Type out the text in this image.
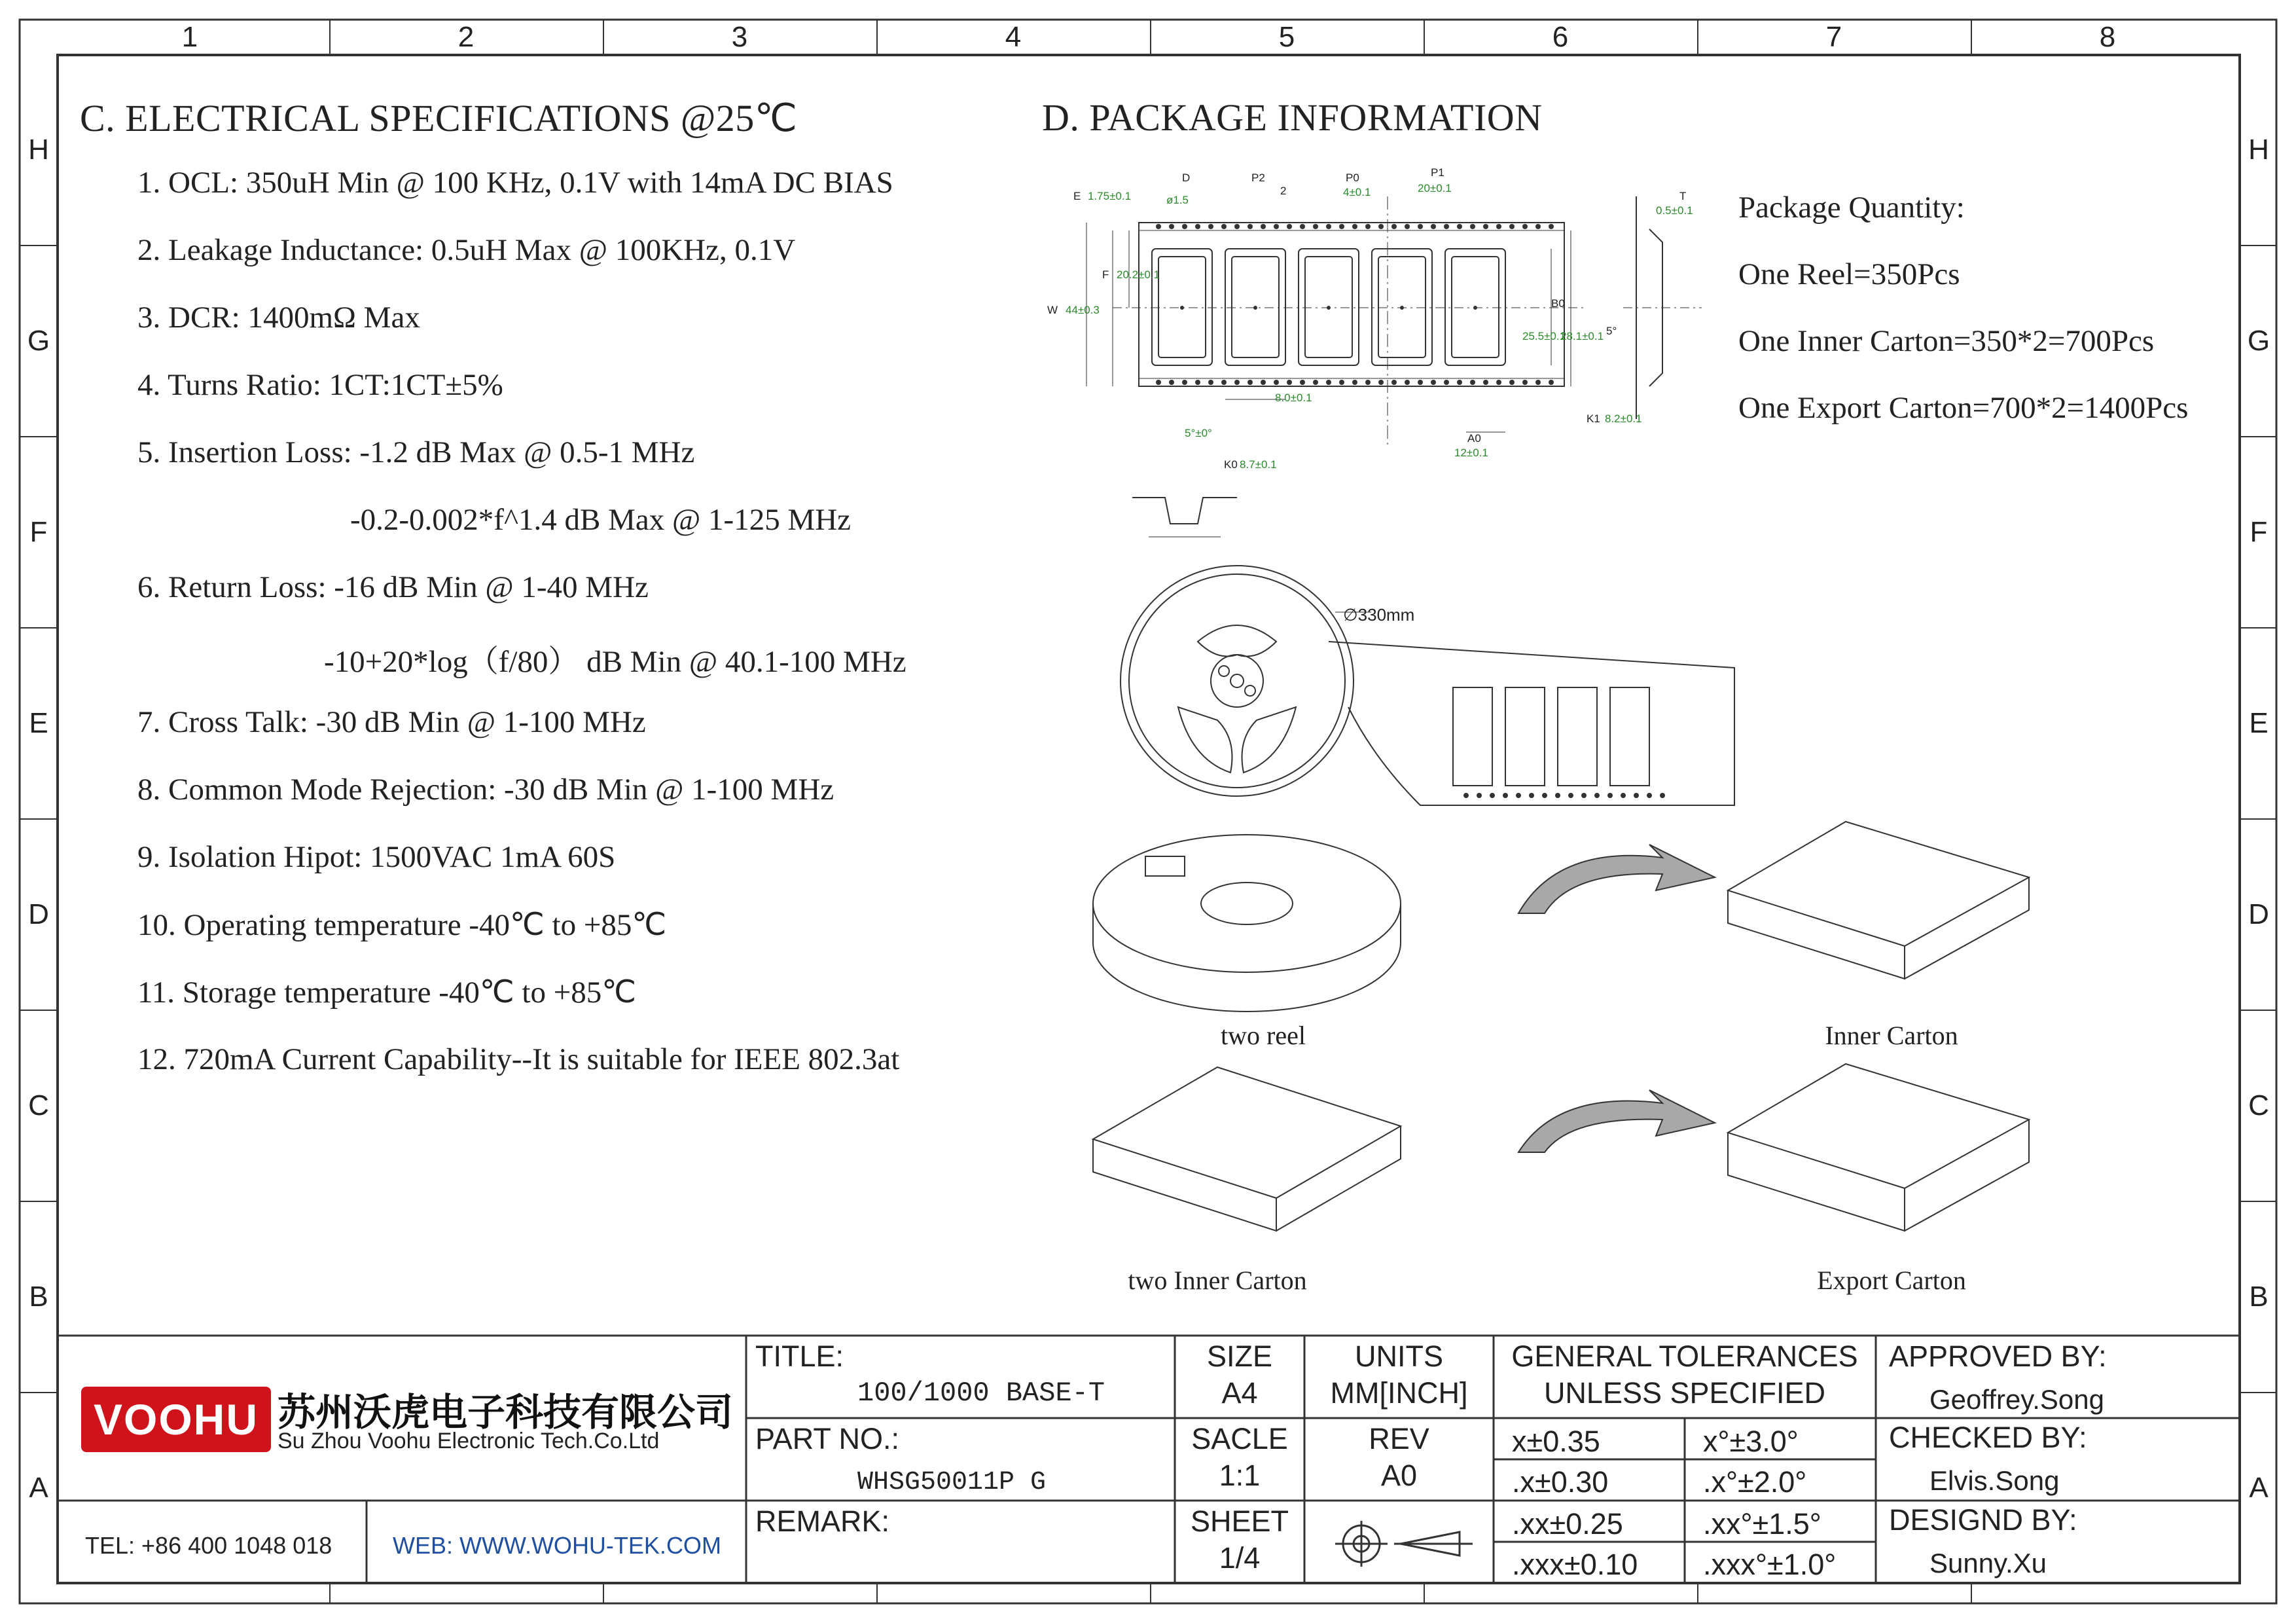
1	2	3	4	5	6	7	8
H
G
F
E
D
C
B
A
H
G
F
E
D
C
B
A
C. ELECTRICAL SPECIFICATIONS @25℃
1. OCL: 350uH Min @ 100 KHz, 0.1V with 14mA DC BIAS
2. Leakage Inductance: 0.5uH Max @ 100KHz, 0.1V
3. DCR: 1400mΩ Max
4. Turns Ratio: 1CT:1CT±5%
5. Insertion Loss: -1.2 dB Max @ 0.5-1 MHz
-0.2-0.002*f^1.4 dB Max @ 1-125 MHz
6. Return Loss: -16 dB Min @ 1-40 MHz
-10+20*log（f/80） dB Min @ 40.1-100 MHz
7. Cross Talk: -30 dB Min @ 1-100 MHz
8. Common Mode Rejection: -30 dB Min @ 1-100 MHz
9. Isolation Hipot: 1500VAC 1mA 60S
10. Operating temperature -40℃ to +85℃
11. Storage temperature -40℃ to +85℃
12. 720mA Current Capability--It is suitable for IEEE 802.3at
D. PACKAGE INFORMATION
Package Quantity:
One Reel=350Pcs
One Inner Carton=350*2=700Pcs
One Export Carton=700*2=1400Pcs
D
ø1.5
P2
2
P0
4±0.1
P1
20±0.1
T
0.5±0.1
W 44±0.3
E 1.75±0.1
F 20.2±0.1
8.0±0.1
A0
12±0.1
B0
25.5±0.1
28.1±0.1
K1 8.2±0.1
5°±0°
5°
K0 8.7±0.1
∅330mm
two reel	Inner Carton
two Inner Carton	Export Carton
VOOHU 苏州沃虎电子科技有限公司
Su Zhou Voohu Electronic Tech.Co.Ltd
TEL: +86 400 1048 018	WEB: WWW.WOHU-TEK.COM
TITLE:
100/1000 BASE-T
PART NO.:
WHSG50011P G
REMARK:
SIZE
A4
UNITS
MM[INCH]
SACLE
1:1
REV
A0
SHEET
1/4
GENERAL TOLERANCES
UNLESS SPECIFIED
x±0.35	x°±3.0°
.x±0.30	.x°±2.0°
.xx±0.25	.xx°±1.5°
.xxx±0.10 .xxx°±1.0°
APPROVED BY:
Geoffrey.Song
CHECKED BY:
Elvis.Song
DESIGND BY:
Sunny.Xu
